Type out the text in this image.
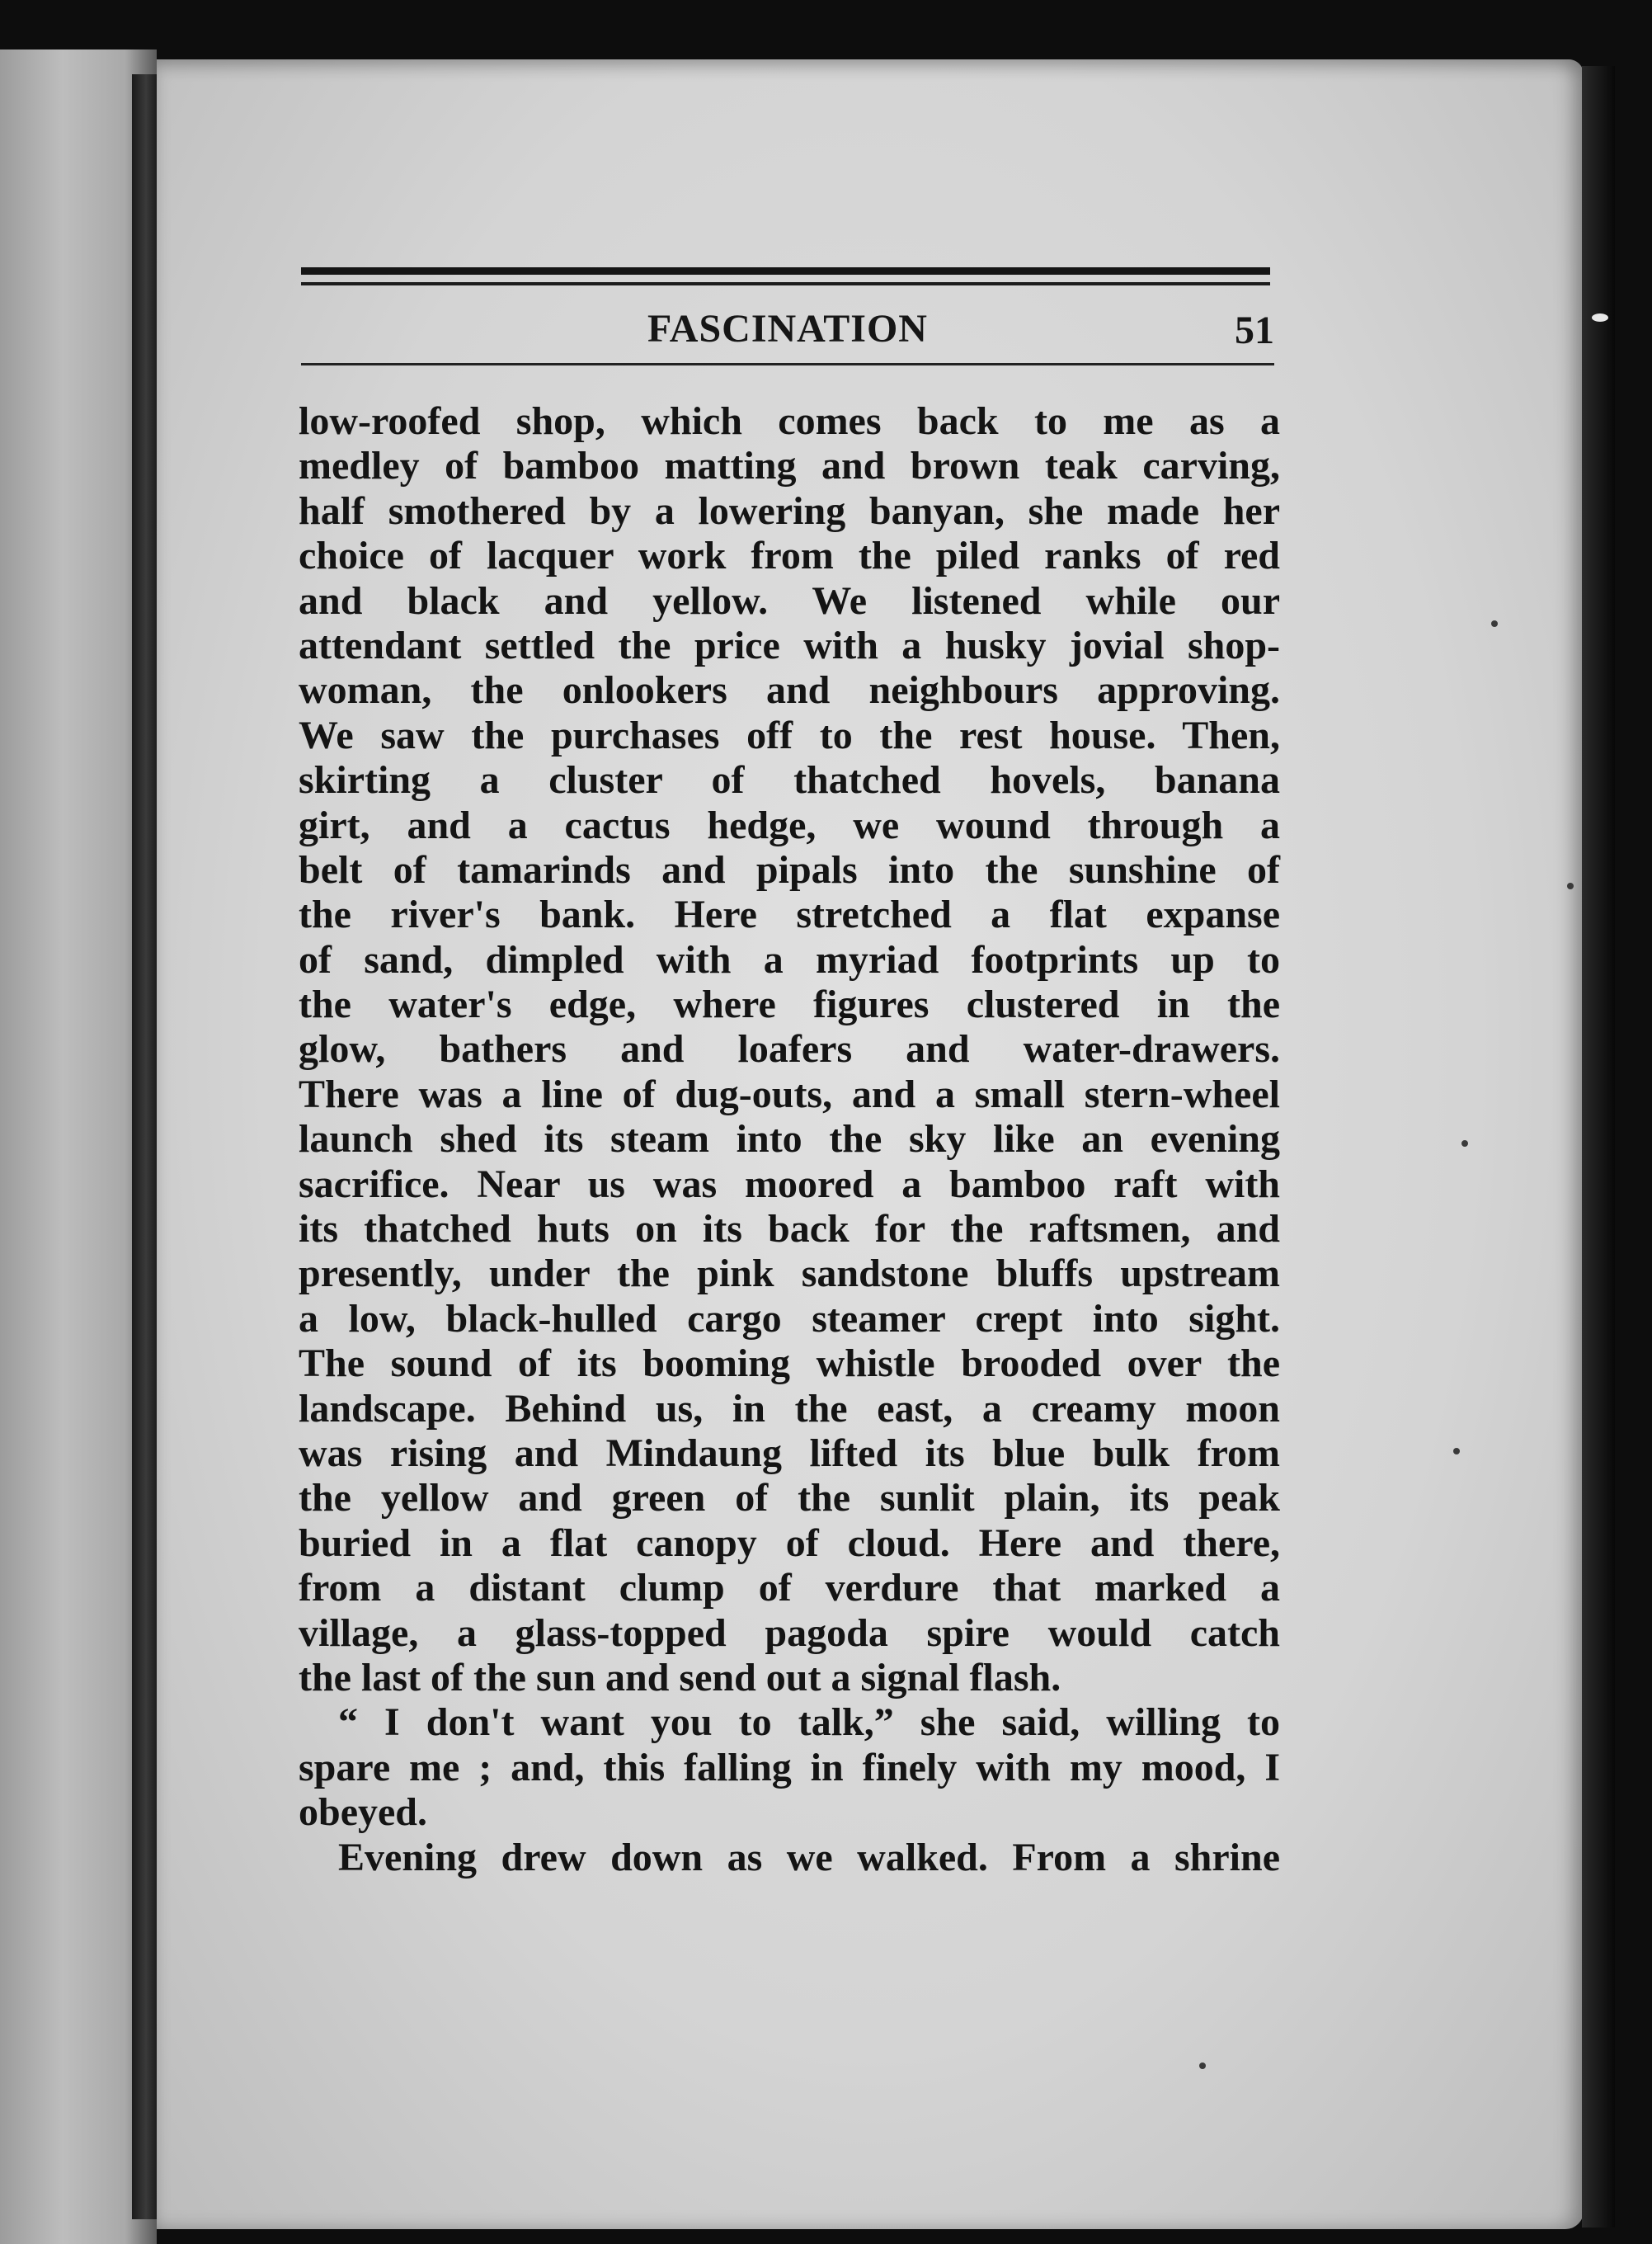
FASCINATION	51
low-roofed shop, which comes back to me as a
medley of bamboo matting and brown teak carving,
half smothered by a lowering banyan, she made her
choice of lacquer work from the piled ranks of red
and black and yellow. We listened while our
attendant settled the price with a husky jovial shop-
woman, the onlookers and neighbours approving.
We saw the purchases off to the rest house. Then,
skirting a cluster of thatched hovels, banana
girt, and a cactus hedge, we wound through a
belt of tamarinds and pipals into the sunshine of
the river's bank. Here stretched a flat expanse
of sand, dimpled with a myriad footprints up to
the water's edge, where figures clustered in the
glow, bathers and loafers and water-drawers.
There was a line of dug-outs, and a small stern-wheel
launch shed its steam into the sky like an evening
sacrifice. Near us was moored a bamboo raft with
its thatched huts on its back for the raftsmen, and
presently, under the pink sandstone bluffs upstream
a low, black-hulled cargo steamer crept into sight.
The sound of its booming whistle brooded over the
landscape. Behind us, in the east, a creamy moon
was rising and Mindaung lifted its blue bulk from
the yellow and green of the sunlit plain, its peak
buried in a flat canopy of cloud. Here and there,
from a distant clump of verdure that marked a
village, a glass-topped pagoda spire would catch
the last of the sun and send out a signal flash.
“ I don't want you to talk,” she said, willing to
spare me ; and, this falling in finely with my mood, I
obeyed.
Evening drew down as we walked. From a shrine
